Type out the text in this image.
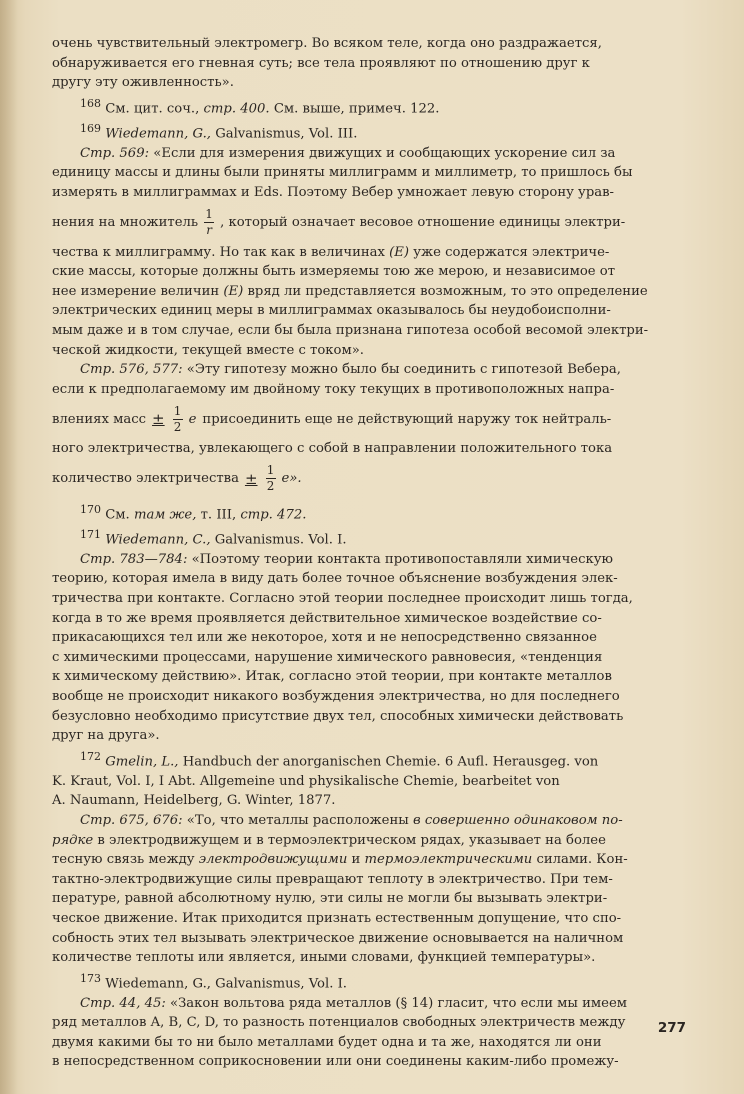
очень чувствительный электромегр. Во всяком теле, когда оно раздражается,

обнаруживается его гневная суть; все тела проявляют по отношению друг к

другу эту оживленность».

$^{168}$ См. цит. соч., стр. 400. См. выше, примеч. 122.

$^{169}$ Wiedemann, G., Galvanismus, Vol. III.

Стр. 569: «Если для измерения движущих и сообщающих ускорение сил за

единицу массы и длины были приняты миллиграмм и миллиметр, то пришлось бы

измерять в миллиграммах и Eds. Поэтому Вебер умножает левую сторону урав-

нения на множитель $\frac{1}{r}$ , который означает весовое отношение единицы электри-

чества к миллиграмму. Но так как в величинах (E) уже содержатся электриче-

ские массы, которые должны быть измеряемы тою же мерою, и независимое от

нее измерение величин (E) вряд ли представляется возможным, то это определение

электрических единиц меры в миллиграммах оказывалось бы неудобоисполни-

мым даже и в том случае, если бы была признана гипотеза особой весомой электри-

ческой жидкости, текущей вместе с током».

Стр. 576, 577: «Эту гипотезу можно было бы соединить с гипотезой Вебера,

если к предполагаемому им двойному току текущих в противоположных напра-

влениях масс ± $\frac{1}{2}$ e присоединить еще не действующий наружу ток нейтраль-

ного электричества, увлекающего с собой в направлении положительного тока

количество электричества ± $\frac{1}{2} e$».

$^{170}$ См. там же, т. III, стр. 472.

$^{171}$ Wiedemann, C., Galvanismus. Vol. I.

Стр. 783—784: «Поэтому теории контакта противопоставляли химическую

теорию, которая имела в виду дать более точное объяснение возбуждения элек-

тричества при контакте. Согласно этой теории последнее происходит лишь тогда,

когда в то же время проявляется действительное химическое воздействие со-

прикасающихся тел или же некоторое, хотя и не непосредственно связанное

с химическими процессами, нарушение химического равновесия, «тенденция

к химическому действию». Итак, согласно этой теории, при контакте металлов

вообще не происходит никакого возбуждения электричества, но для последнего

безусловно необходимо присутствие двух тел, способных химически действовать

друг на друга».

$^{172}$ Gmelin, L., Handbuch der anorganischen Chemie. 6 Aufl. Herausgeg. von

K. Kraut, Vol. I, I Abt. Allgemeine und physikalische Chemie, bearbeitet von

A. Naumann, Heidelberg, G. Winter, 1877.

Стр. 675, 676: «То, что металлы расположены в совершенно одинаковом по-

рядке в электродвижущем и в термоэлектрическом рядах, указывает на более

тесную связь между электродвижущими и термоэлектрическими силами. Кон-

тактно-электродвижущие силы превращают теплоту в электричество. При тем-

пературе, равной абсолютному нулю, эти силы не могли бы вызывать электри-

ческое движение. Итак приходится признать естественным допущение, что спо-

собность этих тел вызывать электрическое движение основывается на наличном

количестве теплоты или является, иными словами, функцией температуры».

$^{173}$ Wiedemann, G., Galvanismus, Vol. I.

Стр. 44, 45: «Закон вольтова ряда металлов (§ 14) гласит, что если мы имеем

ряд металлов A, B, C, D, то разность потенциалов свободных электричеств между

двумя какими бы то ни было металлами будет одна и та же, находятся ли они

в непосредственном соприкосновении или они соединены каким-либо промежу-

277
